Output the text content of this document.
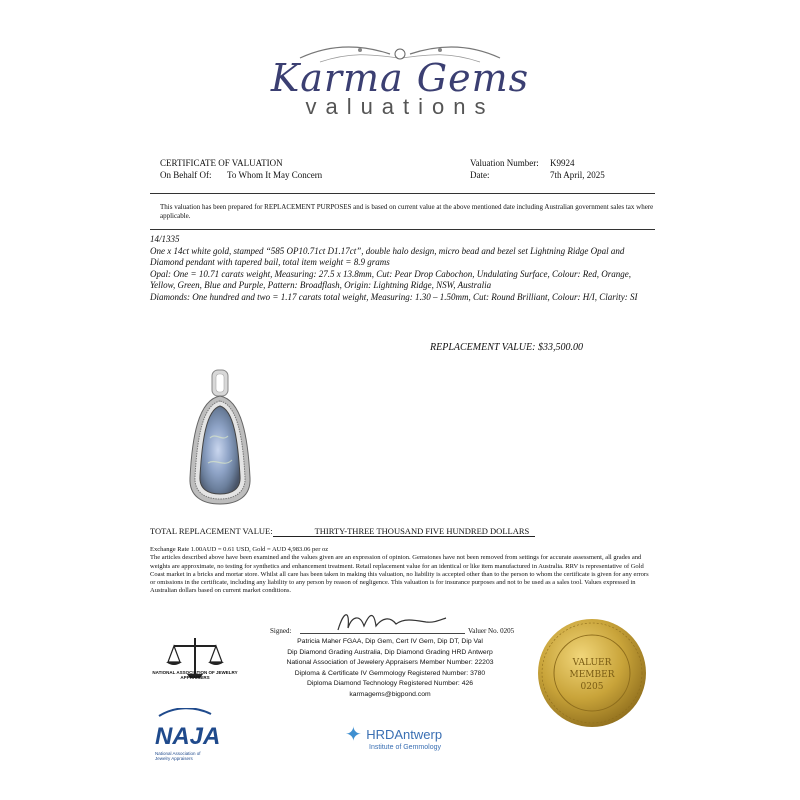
Karma Gems
valuations
CERTIFICATE OF VALUATION
On Behalf Of: To Whom It May Concern
Valuation Number: K9924
Date:	7th April, 2025
This valuation has been prepared for REPLACEMENT PURPOSES and is based on current value at the above mentioned date including Australian government sales tax where applicable.

14/1335

One x 14ct white gold, stamped “585 OP10.71ct D1.17ct”, double halo design, micro bead and bezel set Lightning Ridge Opal and Diamond pendant with tapered bail, total item weight = 8.9 grams

Opal: One = 10.71 carats weight, Measuring: 27.5 x 13.8mm, Cut: Pear Drop Cabochon, Undulating Surface, Colour: Red, Orange, Yellow, Green, Blue and Purple, Pattern: Broadflash, Origin: Lightning Ridge, NSW, Australia

Diamonds: One hundred and two = 1.17 carats total weight, Measuring: 1.30 – 1.50mm, Cut: Round Brilliant, Colour: H/I, Clarity: SI

REPLACEMENT VALUE: $33,500.00
TOTAL REPLACEMENT VALUE:	THIRTY-THREE THOUSAND FIVE HUNDRED DOLLARS

Exchange Rate 1.00AUD = 0.61 USD, Gold = AUD 4,983.06 per oz

The articles described above have been examined and the values given are an expression of opinion. Gemstones have not been removed from settings for accurate assessment, all grades and weights are approximate, no testing for synthetics and enhancement treatment. Retail replacement value for an identical or like item manufactured in Australia. RRV is representative of Gold Coast market in a bricks and mortar store. Whilst all care has been taken in making this valuation, no liability is accepted other than to the person to whom the certificate is given for any errors or omissions in the certificate, including any liability to any person by reason of negligence. This valuation is for insurance purposes and not to be used as a sales tool. Values expressed in Australian dollars based on current market conditions.

Signed:	Valuer No. 0205
Patricia Maher FGAA, Dip Gem, Cert IV Gem, Dip DT, Dip Val
Dip Diamond Grading Australia, Dip Diamond Grading HRD Antwerp
National Association of Jewelery Appraisers Member Number: 22203
Diploma & Certificate IV Gemmology Registered Number: 3780
Diploma Diamond Technology Registered Number: 426
karmagems@bigpond.com
NATIONAL ASSOCIATION OF JEWELRY APPRAISERS
NAJA
National Association of Jewelry Appraisers
✦ HRDAntwerp
Institute of Gemmology
VALUER
MEMBER
0205
